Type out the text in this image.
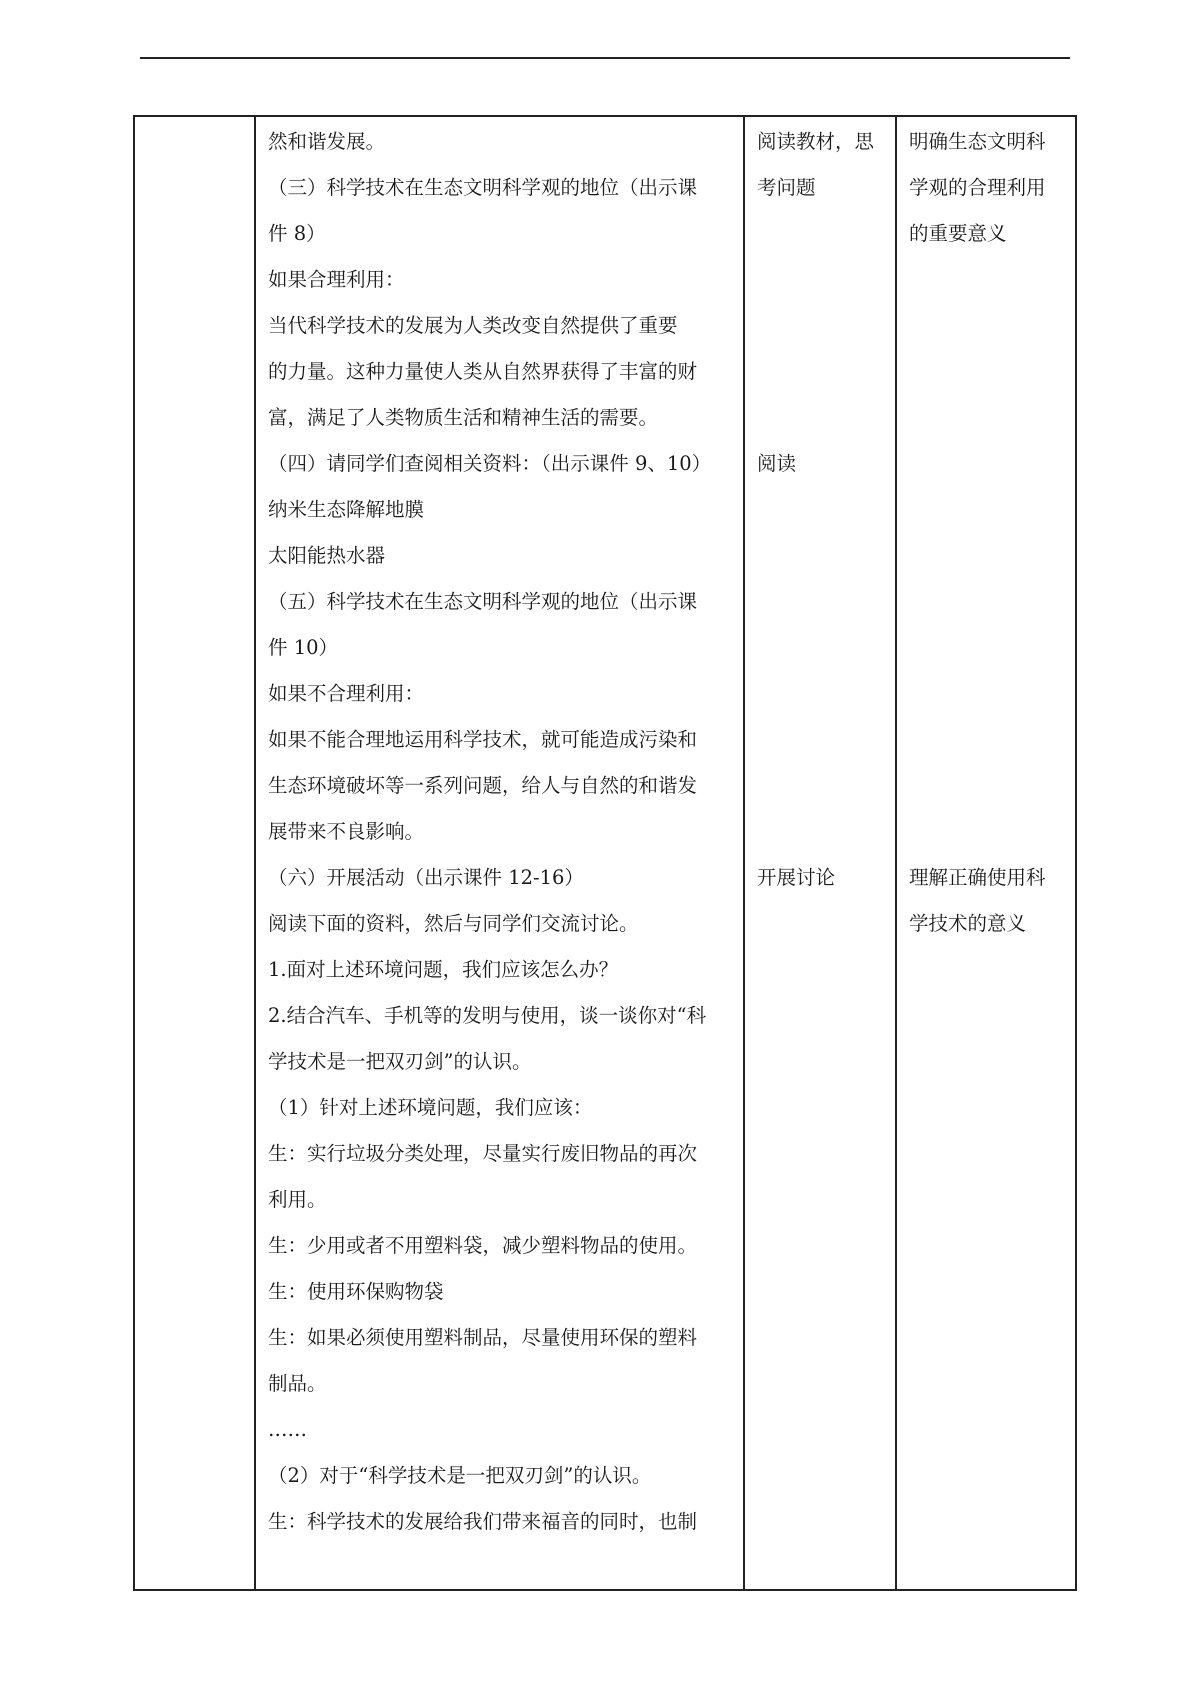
然和谐发展。
（三）科学技术在生态文明科学观的地位（出示课
件 8）
如果合理利用：
当代科学技术的发展为人类改变自然提供了重要
的力量。这种力量使人类从自然界获得了丰富的财
富，满足了人类物质生活和精神生活的需要。
（四）请同学们查阅相关资料：（出示课件 9、10）
纳米生态降解地膜
太阳能热水器
（五）科学技术在生态文明科学观的地位（出示课
件 10）
如果不合理利用：
如果不能合理地运用科学技术，就可能造成污染和
生态环境破坏等一系列问题，给人与自然的和谐发
展带来不良影响。
（六）开展活动（出示课件 12-16）
阅读下面的资料，然后与同学们交流讨论。
1.面对上述环境问题，我们应该怎么办？
2.结合汽车、手机等的发明与使用，谈一谈你对“科
学技术是一把双刃剑”的认识。
（1）针对上述环境问题，我们应该：
生：实行垃圾分类处理，尽量实行废旧物品的再次
利用。
生：少用或者不用塑料袋，减少塑料物品的使用。
生：使用环保购物袋
生：如果必须使用塑料制品，尽量使用环保的塑料
制品。
……
（2）对于“科学技术是一把双刃剑”的认识。
生：科学技术的发展给我们带来福音的同时，也制
阅读教材，思
考问题
阅读
开展讨论
明确生态文明科
学观的合理利用
的重要意义
理解正确使用科
学技术的意义
